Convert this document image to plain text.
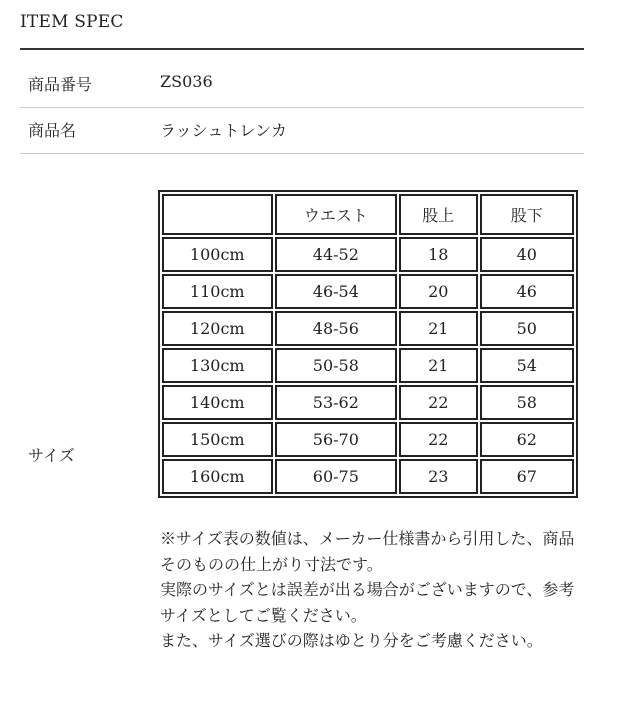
ITEM SPEC
商品番号	ZS036
商品名	ラッシュトレンカ
サイズ
	ウエスト	股上	股下
100cm	44-52	18	40
110cm	46-54	20	46
120cm	48-56	21	50
130cm	50-58	21	54
140cm	53-62	22	58
150cm	56-70	22	62
160cm	60-75	23	67
※サイズ表の数値は、メーカー仕様書から引用した、商品そのものの仕上がり寸法です。
実際のサイズとは誤差が出る場合がございますので、参考サイズとしてご覧ください。
また、サイズ選びの際はゆとり分をご考慮ください。
